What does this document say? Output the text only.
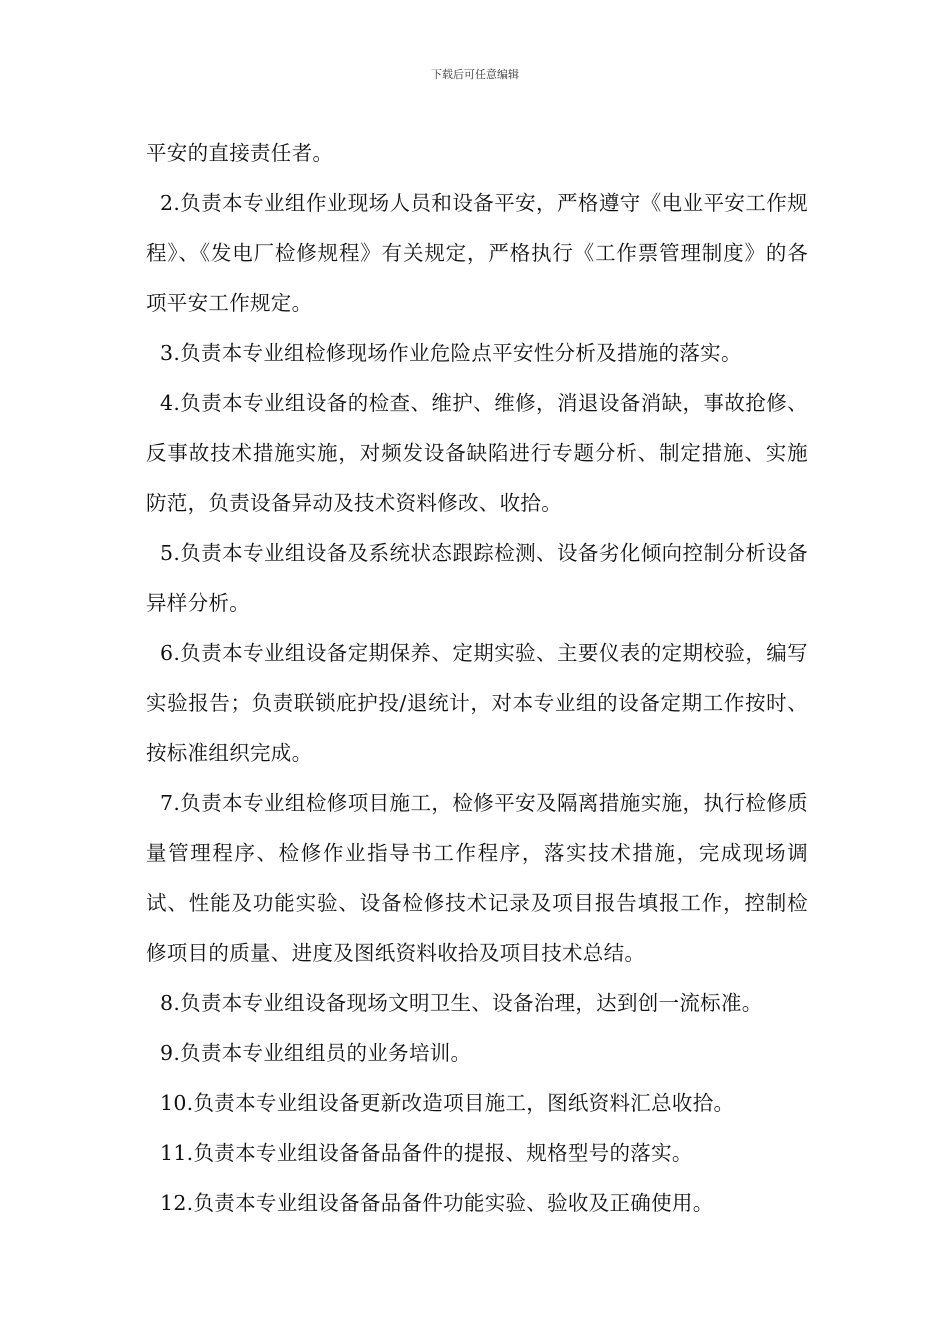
下载后可任意编辑

平安的直接责任者。

2.负责本专业组作业现场人员和设备平安，严格遵守《电业平安工作规程》、《发电厂检修规程》有关规定，严格执行《工作票管理制度》的各项平安工作规定。

3.负责本专业组检修现场作业危险点平安性分析及措施的落实。

4.负责本专业组设备的检查、维护、维修，消退设备消缺，事故抢修、反事故技术措施实施，对频发设备缺陷进行专题分析、制定措施、实施防范，负责设备异动及技术资料修改、收拾。

5.负责本专业组设备及系统状态跟踪检测、设备劣化倾向控制分析设备异样分析。

6.负责本专业组设备定期保养、定期实验、主要仪表的定期校验，编写实验报告；负责联锁庇护投/退统计，对本专业组的设备定期工作按时、按标准组织完成。

7.负责本专业组检修项目施工，检修平安及隔离措施实施，执行检修质量管理程序、检修作业指导书工作程序，落实技术措施，完成现场调试、性能及功能实验、设备检修技术记录及项目报告填报工作，控制检修项目的质量、进度及图纸资料收拾及项目技术总结。

8.负责本专业组设备现场文明卫生、设备治理，达到创一流标准。

9.负责本专业组组员的业务培训。

10.负责本专业组设备更新改造项目施工，图纸资料汇总收拾。

11.负责本专业组设备备品备件的提报、规格型号的落实。

12.负责本专业组设备备品备件功能实验、验收及正确使用。
